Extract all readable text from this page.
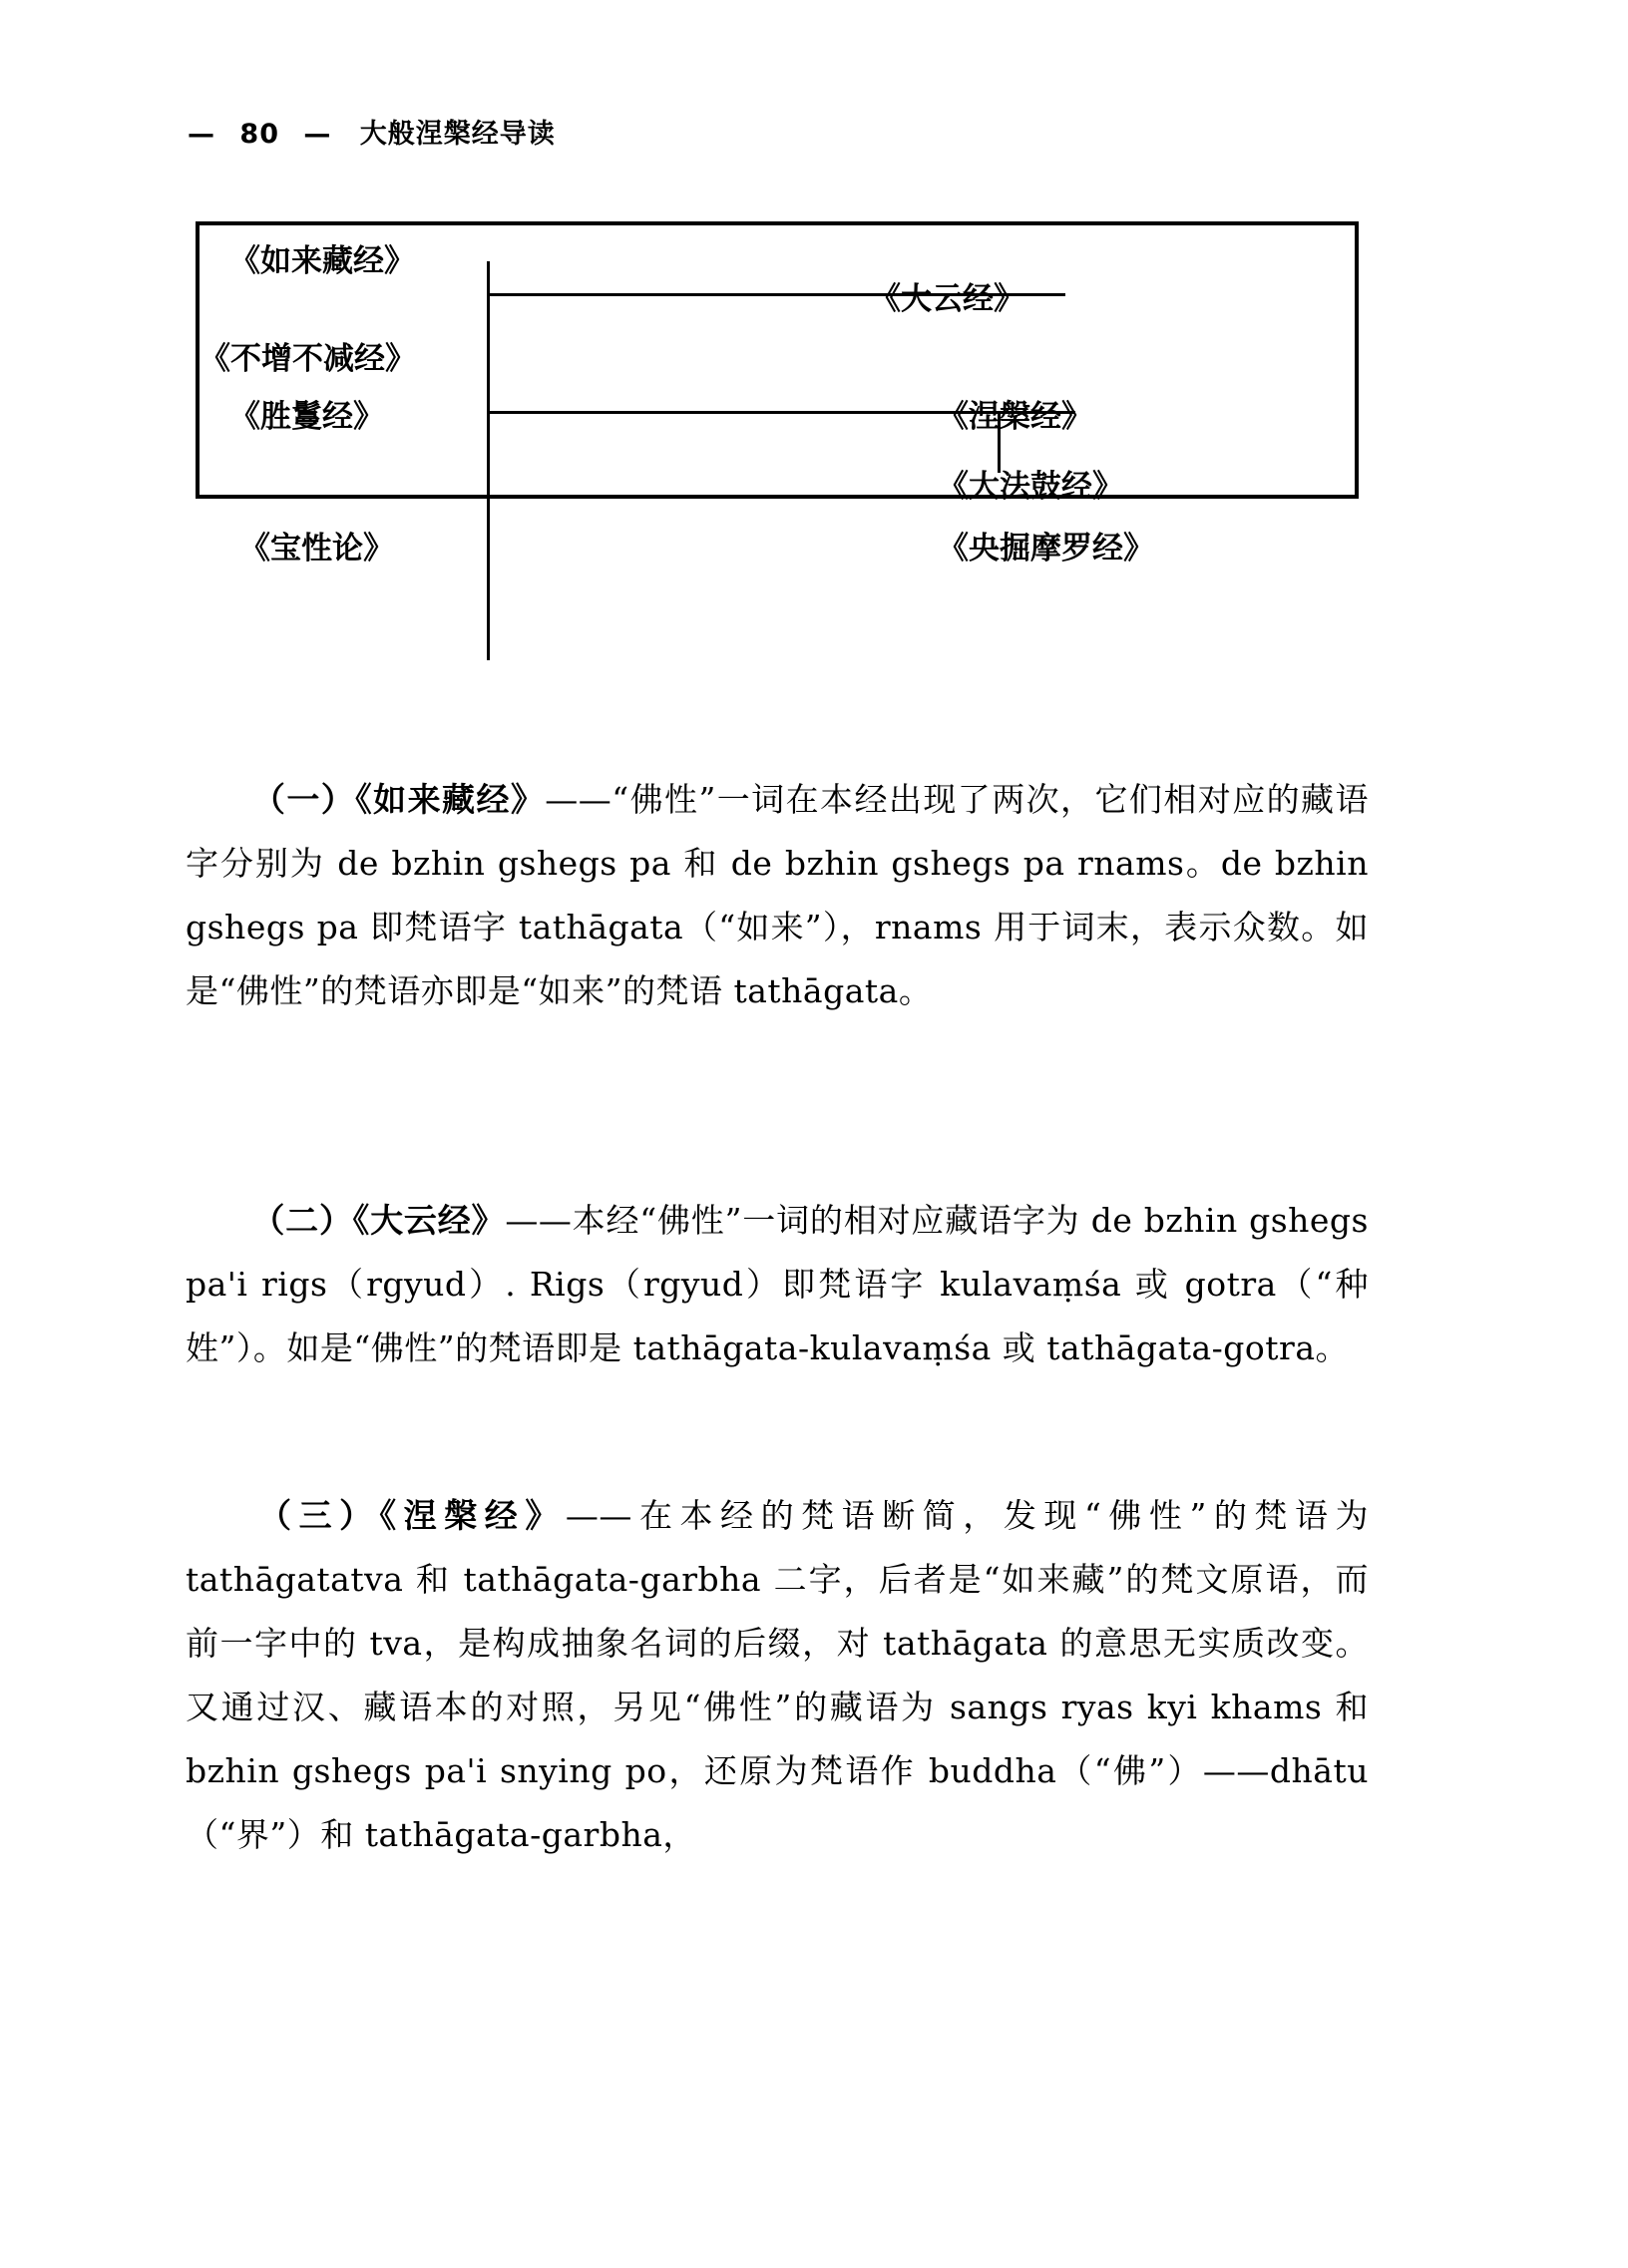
— 80 — 大般涅槃经导读
《如来藏经》
《大云经》
《不增不减经》
《胜鬘经》	《涅槃经》
《大法鼓经》
《宝性论》	《央掘摩罗经》
（一）《如来藏经》——“佛性”一词在本经出现了两次，它们相对应的藏语字分别为 de bzhin gshegs pa 和 de bzhin gshegs pa rnams。de bzhin gshegs pa 即梵语字 tathāgata（“如来”），rnams 用于词末，表示众数。如是“佛性”的梵语亦即是“如来”的梵语 tathāgata。
（二）《大云经》——本经“佛性”一词的相对应藏语字为 de bzhin gshegs pa'i rigs（rgyud）. Rigs（rgyud）即梵语字 kulavaṃśa 或 gotra（“种姓”）。如是“佛性”的梵语即是 tathāgata-kulavaṃśa 或 tathāgata-gotra。
（三）《涅槃经》——在本经的梵语断简，发现“佛性”的梵语为 tathāgatatva 和 tathāgata-garbha 二字，后者是“如来藏”的梵文原语，而前一字中的 tva，是构成抽象名词的后缀，对 tathāgata 的意思无实质改变。又通过汉、藏语本的对照，另见“佛性”的藏语为 sangs ryas kyi khams 和 bzhin gshegs pa'i snying po，还原为梵语作 buddha（“佛”）——dhātu（“界”）和 tathāgata-garbha，
